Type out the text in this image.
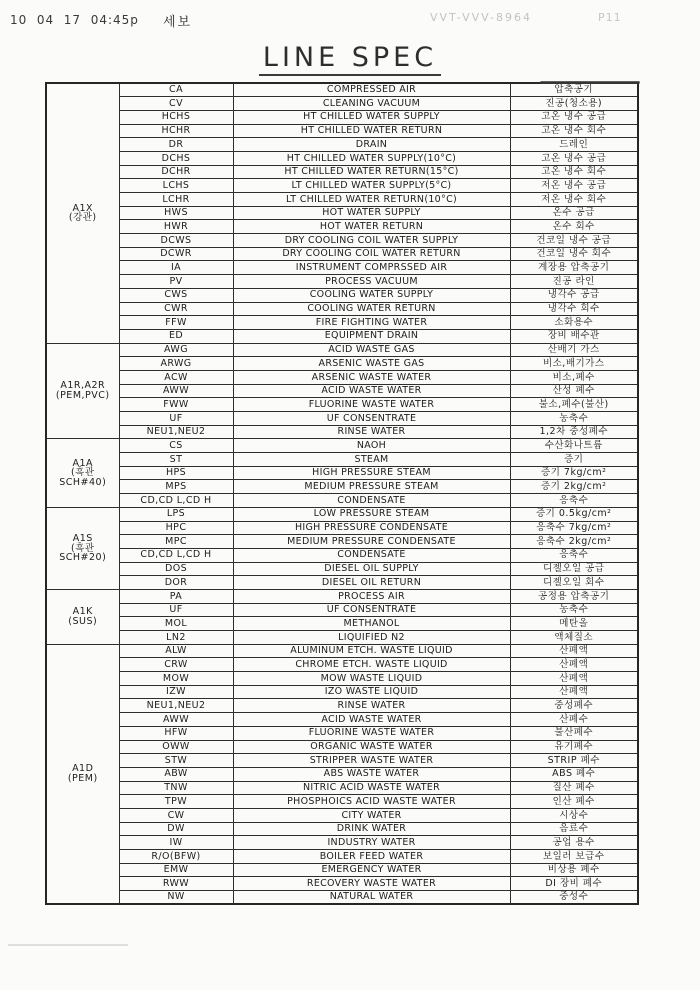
10  04  17  04:45p 세보	VVT-VVV-8964	P11
LINE SPEC
A1X
(강관)	CA	COMPRESSED AIR	압축공기
	CV	CLEANING VACUUM	진공(청소용)
	HCHS	HT CHILLED WATER SUPPLY	고온 냉수 공급
	HCHR	HT CHILLED WATER RETURN	고온 냉수 회수
	DR	DRAIN	드레인
	DCHS	HT CHILLED WATER SUPPLY(10°C)	고온 냉수 공급
	DCHR	HT CHILLED WATER RETURN(15°C)	고온 냉수 회수
	LCHS	LT CHILLED WATER SUPPLY(5°C)	저온 냉수 공급
	LCHR	LT CHILLED WATER RETURN(10°C)	저온 냉수 회수
	HWS	HOT WATER SUPPLY	온수 공급
	HWR	HOT WATER RETURN	온수 회수
	DCWS	DRY COOLING COIL WATER SUPPLY	건코일 냉수 공급
	DCWR	DRY COOLING COIL WATER RETURN	건코일 냉수 회수
	IA	INSTRUMENT COMPRSSED AIR	계장용 압축공기
	PV	PROCESS VACUUM	진공 라인
	CWS	COOLING WATER SUPPLY	냉각수 공급
	CWR	COOLING WATER RETURN	냉각수 회수
	FFW	FIRE FIGHTING WATER	소화용수
	ED	EQUIPMENT DRAIN	장비 배수관

A1R,A2R
(PEM,PVC)	AWG	ACID WASTE GAS	산배기 가스
	ARWG	ARSENIC WASTE GAS	비소,배기가스
	ACW	ARSENIC WASTE WATER	비소,폐수
	AWW	ACID WASTE WATER	산성 폐수
	FWW	FLUORINE WASTE WATER	불소,폐수(불산)
	UF	UF CONSENTRATE	농축수
	NEU1,NEU2	RINSE WATER	1,2차 중성폐수

A1A
(흑관
SCH#40)	CS	NAOH	수산화나트륨
	ST	STEAM	증기
	HPS	HIGH PRESSURE STEAM	증기 7kg/cm²
	MPS	MEDIUM PRESSURE STEAM	증기 2kg/cm²
	CD,CD L,CD H	CONDENSATE	응축수

A1S
(흑관
SCH#20)	LPS	LOW PRESSURE STEAM	증기 0.5kg/cm²
	HPC	HIGH PRESSURE CONDENSATE	응축수 7kg/cm²
	MPC	MEDIUM PRESSURE CONDENSATE	응축수 2kg/cm²
	CD,CD L,CD H	CONDENSATE	응축수
	DOS	DIESEL OIL SUPPLY	디젤오일 공급
	DOR	DIESEL OIL RETURN	디젤오일 회수

A1K
(SUS)	PA	PROCESS AIR	공정용 압축공기
	UF	UF CONSENTRATE	농축수
	MOL	METHANOL	메탄올
	LN2	LIQUIFIED N2	액체질소

A1D
(PEM)	ALW	ALUMINUM ETCH. WASTE LIQUID	산폐액
	CRW	CHROME ETCH. WASTE LIQUID	산폐액
	MOW	MOW WASTE LIQUID	산폐액
	IZW	IZO WASTE LIQUID	산폐액
	NEU1,NEU2	RINSE WATER	중성폐수
	AWW	ACID WASTE WATER	산폐수
	HFW	FLUORINE WASTE WATER	불산폐수
	OWW	ORGANIC WASTE WATER	유기폐수
	STW	STRIPPER WASTE WATER	STRIP 폐수
	ABW	ABS WASTE WATER	ABS 폐수
	TNW	NITRIC ACID WASTE WATER	질산 폐수
	TPW	PHOSPHOICS ACID WASTE WATER	인산 폐수
	CW	CITY WATER	시상수
	DW	DRINK WATER	음료수
	IW	INDUSTRY WATER	공업 용수
	R/O(BFW)	BOILER FEED WATER	보일러 보급수
	EMW	EMERGENCY WATER	비상용 폐수
	RWW	RECOVERY WASTE WATER	DI 장비 폐수
	NW	NATURAL WATER	중성수
